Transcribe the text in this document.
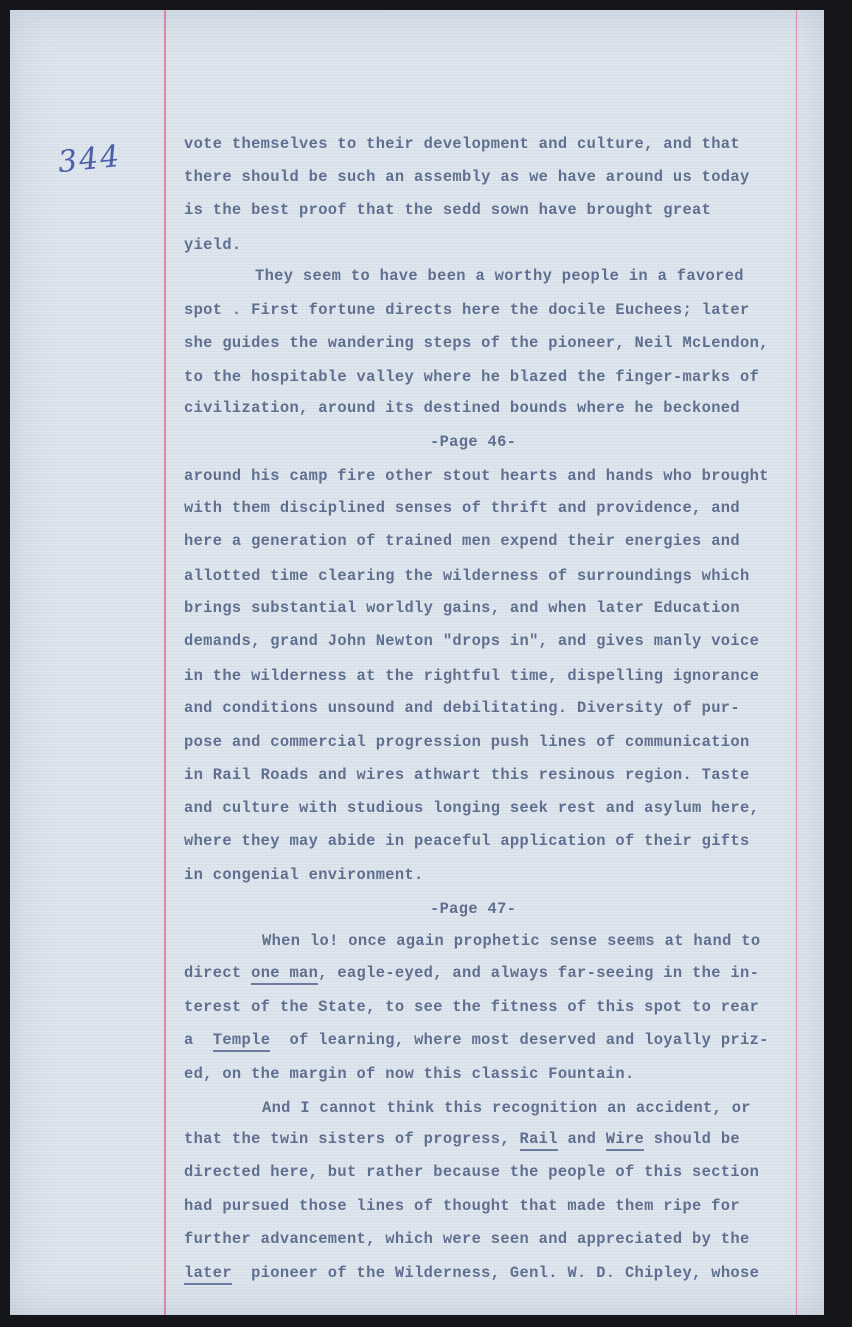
344	vote themselves to their development and culture, and that
there should be such an assembly as we have around us today
is the best proof that the sedd sown have brought great
yield.
They seem to have been a worthy people in a favored
spot . First fortune directs here the docile Euchees; later
she guides the wandering steps of the pioneer, Neil McLendon,
to the hospitable valley where he blazed the finger-marks of
civilization, around its destined bounds where he beckoned
-Page 46-
around his camp fire other stout hearts and hands who brought
with them disciplined senses of thrift and providence, and
here a generation of trained men expend their energies and
allotted time clearing the wilderness of surroundings which
brings substantial worldly gains, and when later Education
demands, grand John Newton "drops in", and gives manly voice
in the wilderness at the rightful time, dispelling ignorance
and conditions unsound and debilitating. Diversity of pur-
pose and commercial progression push lines of communication
in Rail Roads and wires athwart this resinous region. Taste
and culture with studious longing seek rest and asylum here,
where they may abide in peaceful application of their gifts
in congenial environment.
-Page 47-
When lo! once again prophetic sense seems at hand to
direct one man, eagle-eyed, and always far-seeing in the in-
terest of the State, to see the fitness of this spot to rear
a  Temple  of learning, where most deserved and loyally priz-
ed, on the margin of now this classic Fountain.
And I cannot think this recognition an accident, or
that the twin sisters of progress, Rail and Wire should be
directed here, but rather because the people of this section
had pursued those lines of thought that made them ripe for
further advancement, which were seen and appreciated by the
later  pioneer of the Wilderness, Genl. W. D. Chipley, whose
